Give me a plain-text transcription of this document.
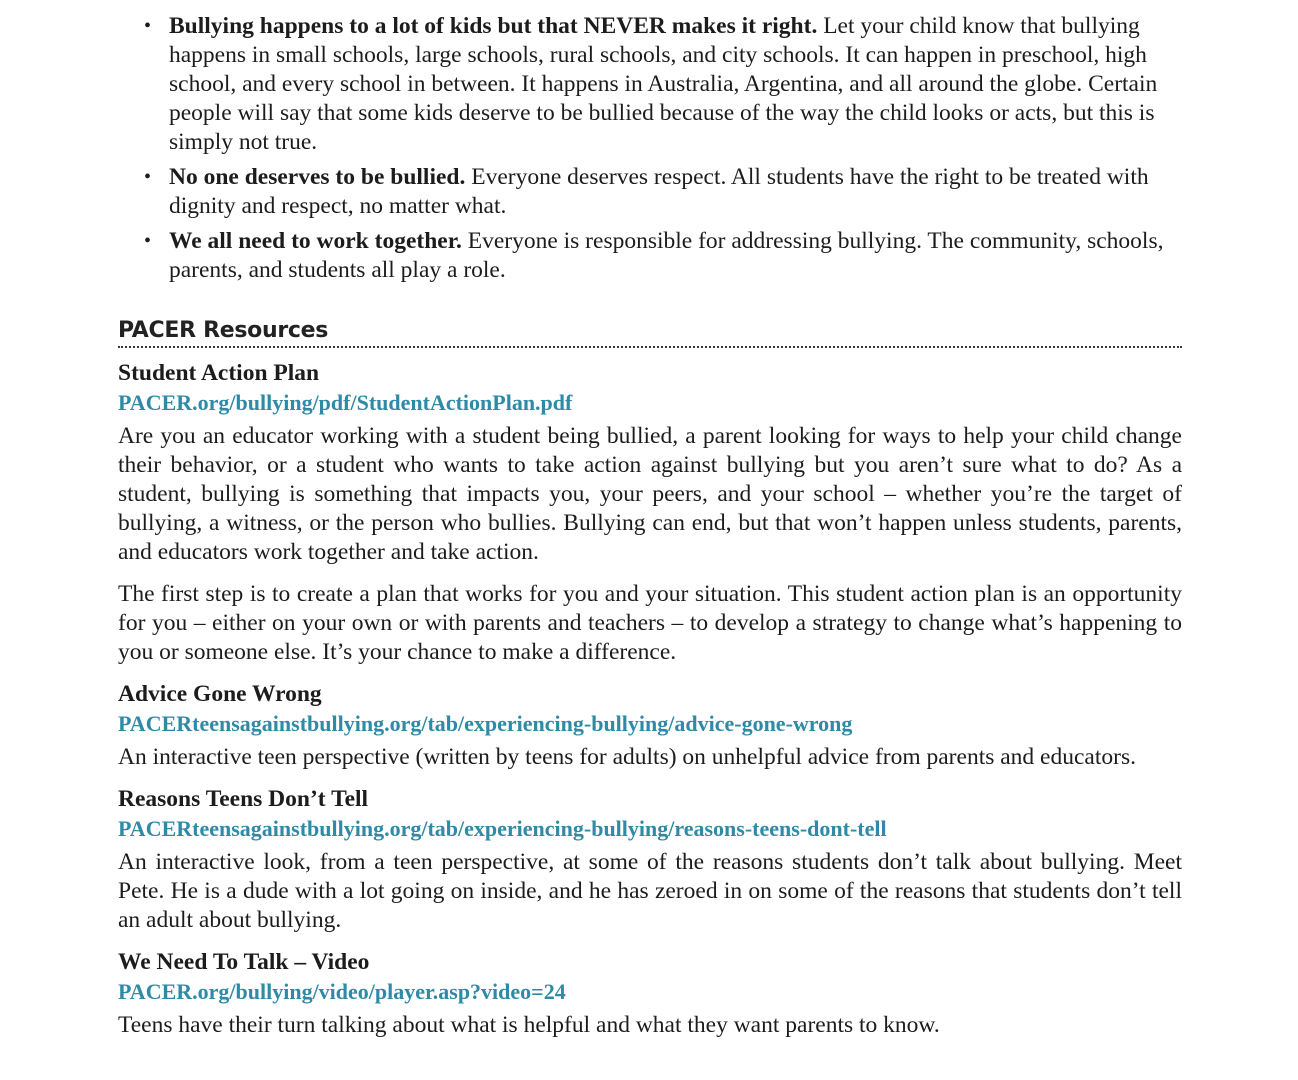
• Bullying happens to a lot of kids but that NEVER makes it right. Let your child know that bullying happens in small schools, large schools, rural schools, and city schools. It can happen in preschool, high school, and every school in between. It happens in Australia, Argentina, and all around the globe. Certain people will say that some kids deserve to be bullied because of the way the child looks or acts, but this is simply not true.
• No one deserves to be bullied. Everyone deserves respect. All students have the right to be treated with dignity and respect, no matter what.
• We all need to work together. Everyone is responsible for addressing bullying. The community, schools, parents, and students all play a role.
PACER Resources

Student Action Plan

PACER.org/bullying/pdf/StudentActionPlan.pdf

Are you an educator working with a student being bullied, a parent looking for ways to help your child change their behavior, or a student who wants to take action against bullying but you aren’t sure what to do? As a student, bullying is something that impacts you, your peers, and your school – whether you’re the target of bullying, a witness, or the person who bullies. Bullying can end, but that won’t happen unless students, parents, and educators work together and take action.

The first step is to create a plan that works for you and your situation. This student action plan is an opportunity for you – either on your own or with parents and teachers – to develop a strategy to change what’s happening to you or someone else. It’s your chance to make a difference.

Advice Gone Wrong

PACERteensagainstbullying.org/tab/experiencing-bullying/advice-gone-wrong

An interactive teen perspective (written by teens for adults) on unhelpful advice from parents and educators.

Reasons Teens Don’t Tell

PACERteensagainstbullying.org/tab/experiencing-bullying/reasons-teens-dont-tell

An interactive look, from a teen perspective, at some of the reasons students don’t talk about bullying. Meet Pete. He is a dude with a lot going on inside, and he has zeroed in on some of the reasons that students don’t tell an adult about bullying.

We Need To Talk – Video

PACER.org/bullying/video/player.asp?video=24

Teens have their turn talking about what is helpful and what they want parents to know.
